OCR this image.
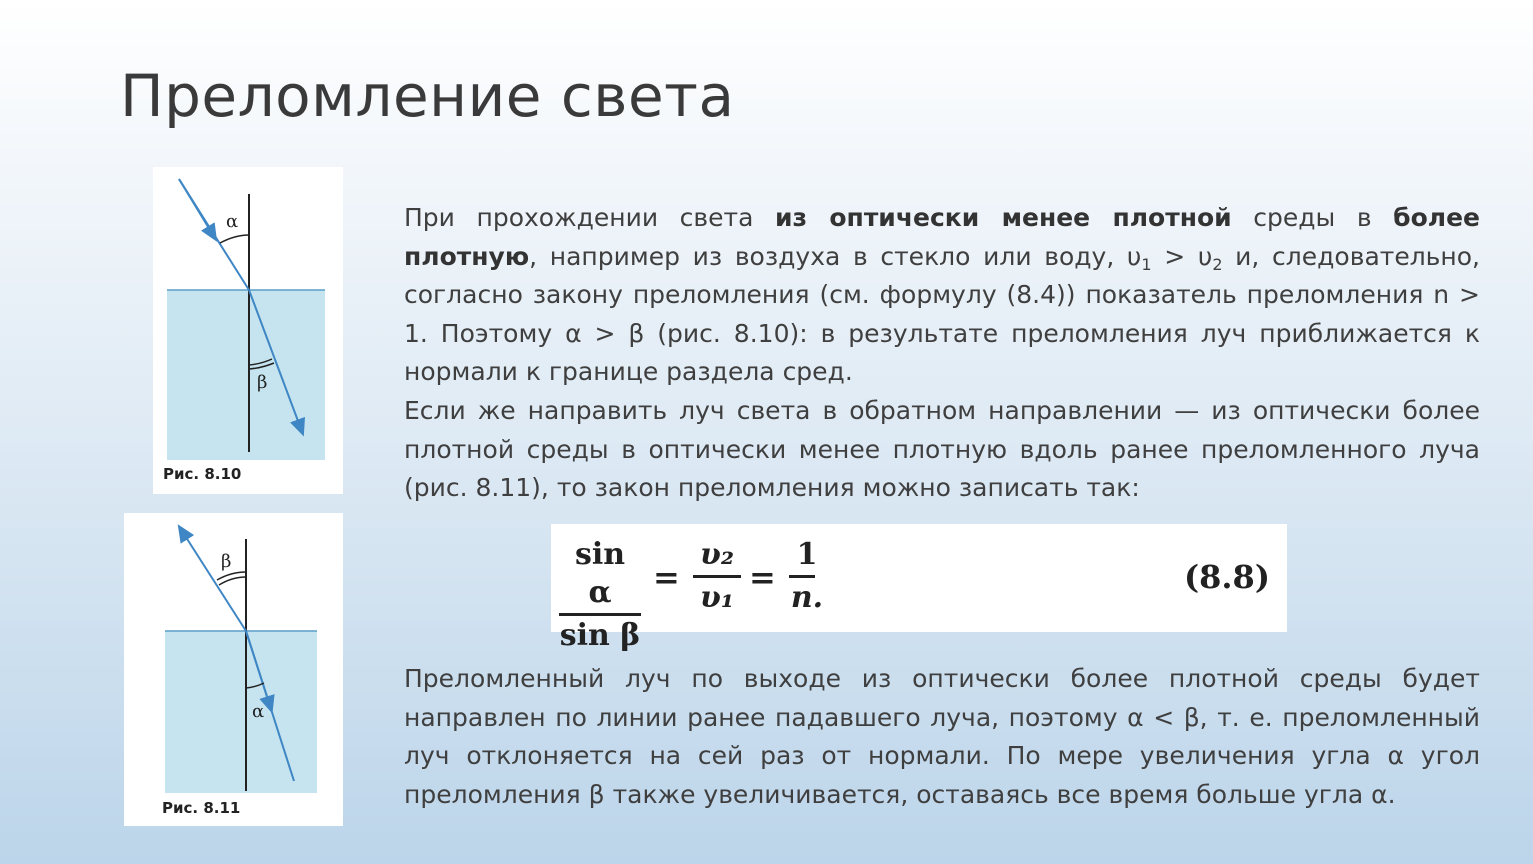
Преломление света
α
β
Рис. 8.10
β
α
Рис. 8.11

При прохождении света из оптически менее плотной среды в более плотную, например из воздуха в стекло или воду, $\upsilon_1 > \upsilon_2$ и, следовательно, согласно закону преломления (см. формулу (8.4)) показатель преломления n > 1. Поэтому α > β (рис. 8.10): в результате преломления луч приближается к нормали к границе раздела сред.

Если же направить луч света в обратном направлении — из оптически более плотной среды в оптически менее плотную вдоль ранее преломленного луча (рис. 8.11), то закон преломления можно записать так:

sin α
sin β
=
υ₂
υ₁
=
1
n.
(8.8)

Преломленный луч по выходе из оптически более плотной среды будет направлен по линии ранее падавшего луча, поэтому α < β, т. е. преломленный луч отклоняется на сей раз от нормали. По мере увеличения угла α угол преломления β также увеличивается, оставаясь все время больше угла α.
